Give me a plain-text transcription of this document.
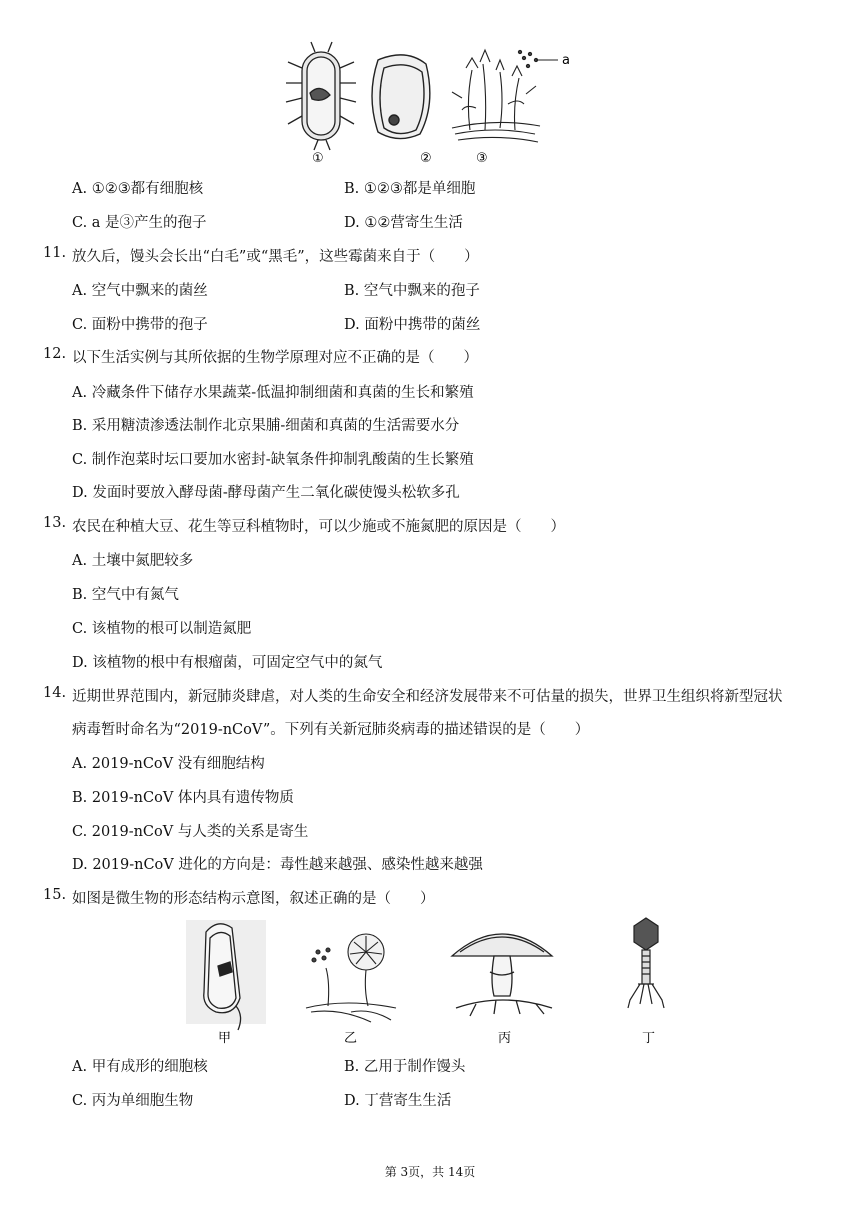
①	②
a
③
A. ①②③都有细胞核	B. ①②③都是单细胞
C. a 是③产生的孢子	D. ①②营寄生生活
11. 放久后，馒头会长出“白毛”或“黑毛”，这些霉菌来自于（　　）
A. 空气中飘来的菌丝	B. 空气中飘来的孢子
C. 面粉中携带的孢子	D. 面粉中携带的菌丝
12. 以下生活实例与其所依据的生物学原理对应不正确的是（　　）
A. 冷藏条件下储存水果蔬菜-低温抑制细菌和真菌的生长和繁殖
B. 采用糖渍渗透法制作北京果脯-细菌和真菌的生活需要水分
C. 制作泡菜时坛口要加水密封-缺氧条件抑制乳酸菌的生长繁殖
D. 发面时要放入酵母菌-酵母菌产生二氧化碳使馒头松软多孔
13. 农民在种植大豆、花生等豆科植物时，可以少施或不施氮肥的原因是（　　）
A. 土壤中氮肥较多
B. 空气中有氮气
C. 该植物的根可以制造氮肥
D. 该植物的根中有根瘤菌，可固定空气中的氮气
14. 近期世界范围内，新冠肺炎肆虐，对人类的生命安全和经济发展带来不可估量的损失，世界卫生组织将新型冠状
病毒暂时命名为“2019-nCoV”。下列有关新冠肺炎病毒的描述错误的是（　　）
A. 2019-nCoV 没有细胞结构
B. 2019-nCoV 体内具有遗传物质
C. 2019-nCoV 与人类的关系是寄生
D. 2019-nCoV 进化的方向是：毒性越来越强、感染性越来越强
15. 如图是微生物的形态结构示意图，叙述正确的是（　　）
甲	乙	丙	丁
A. 甲有成形的细胞核	B. 乙用于制作馒头
C. 丙为单细胞生物	D. 丁营寄生生活
第 3页，共 14页
